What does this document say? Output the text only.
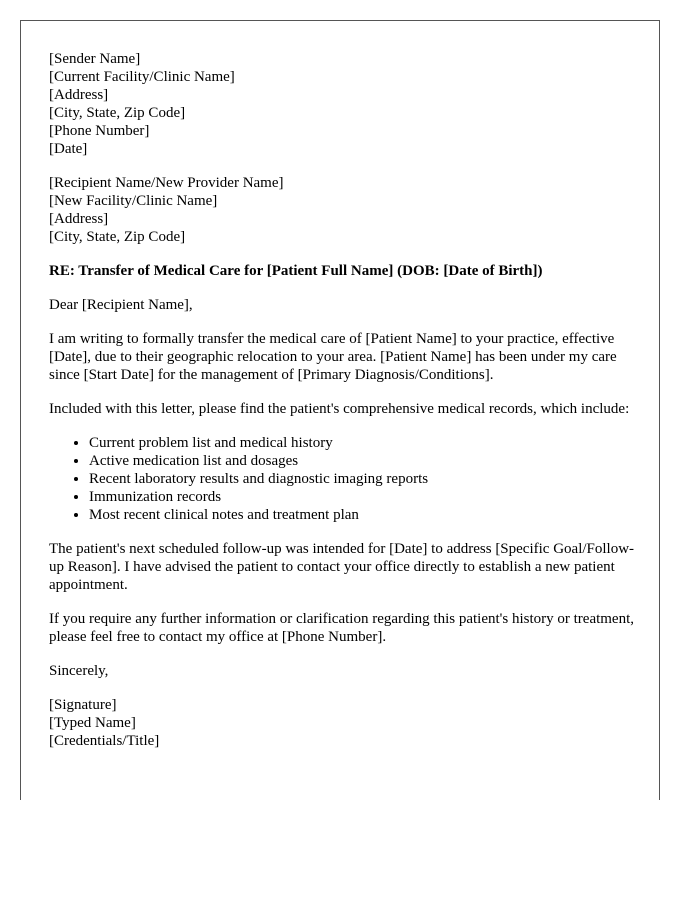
[Sender Name]
[Current Facility/Clinic Name]
[Address]
[City, State, Zip Code]
[Phone Number]
[Date]
[Recipient Name/New Provider Name]
[New Facility/Clinic Name]
[Address]
[City, State, Zip Code]

RE: Transfer of Medical Care for [Patient Full Name] (DOB: [Date of Birth])

Dear [Recipient Name],

I am writing to formally transfer the medical care of [Patient Name] to your practice, effective [Date], due to their geographic relocation to your area. [Patient Name] has been under my care since [Start Date] for the management of [Primary Diagnosis/Conditions].

Included with this letter, please find the patient's comprehensive medical records, which include:

• Current problem list and medical history
• Active medication list and dosages
• Recent laboratory results and diagnostic imaging reports
• Immunization records
• Most recent clinical notes and treatment plan

The patient's next scheduled follow-up was intended for [Date] to address [Specific Goal/Follow-up Reason]. I have advised the patient to contact your office directly to establish a new patient appointment.

If you require any further information or clarification regarding this patient's history or treatment, please feel free to contact my office at [Phone Number].

Sincerely,

[Signature]
[Typed Name]
[Credentials/Title]
